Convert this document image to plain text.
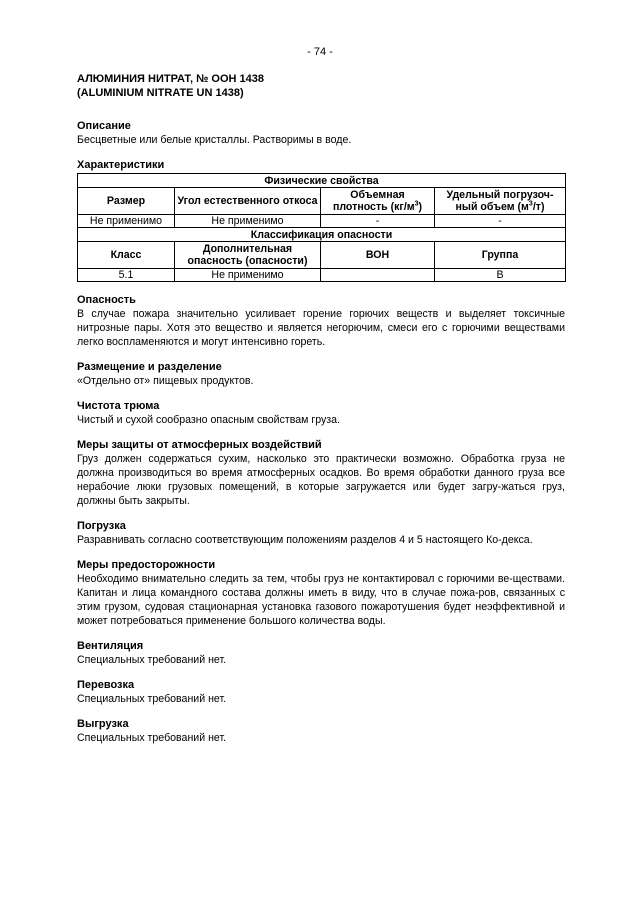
- 74 -

АЛЮМИНИЯ НИТРАТ, № ООН 1438

(ALUMINIUM NITRATE UN 1438)

Описание

Бесцветные или белые кристаллы. Растворимы в воде.

Характеристики

Физические свойства			
Размер	Угол естественного откоса	Объемная плотность $(кг/м^3)$	Удельный погрузоч-ный объем $(м^3/т)$
Не применимо	Не применимо	-	-
Классификация опасности			
Класс	Дополнительная опасность (опасности)	ВОН	Группа
5.1	Не применимо		B

Опасность

В случае пожара значительно усиливает горение горючих веществ и выделяет токсичные нитрозные пары. Хотя это вещество и является негорючим, смеси его с горючими веществами легко воспламеняются и могут интенсивно гореть.

Размещение и разделение

«Отдельно от» пищевых продуктов.

Чистота трюма

Чистый и сухой сообразно опасным свойствам груза.

Меры защиты от атмосферных воздействий

Груз должен содержаться сухим, насколько это практически возможно. Обработка груза не должна производиться во время атмосферных осадков. Во время обработки данного груза все нерабочие люки грузовых помещений, в которые загружается или будет загру-жаться груз, должны быть закрыты.

Погрузка

Разравнивать согласно соответствующим положениям разделов 4 и 5 настоящего Ко-декса.

Меры предосторожности

Необходимо внимательно следить за тем, чтобы груз не контактировал с горючими ве-ществами. Капитан и лица командного состава должны иметь в виду, что в случае пожа-ров, связанных с этим грузом, судовая стационарная установка газового пожаротушения будет неэффективной и может потребоваться применение большого количества воды.

Вентиляция

Специальных требований нет.

Перевозка

Специальных требований нет.

Выгрузка

Специальных требований нет.
